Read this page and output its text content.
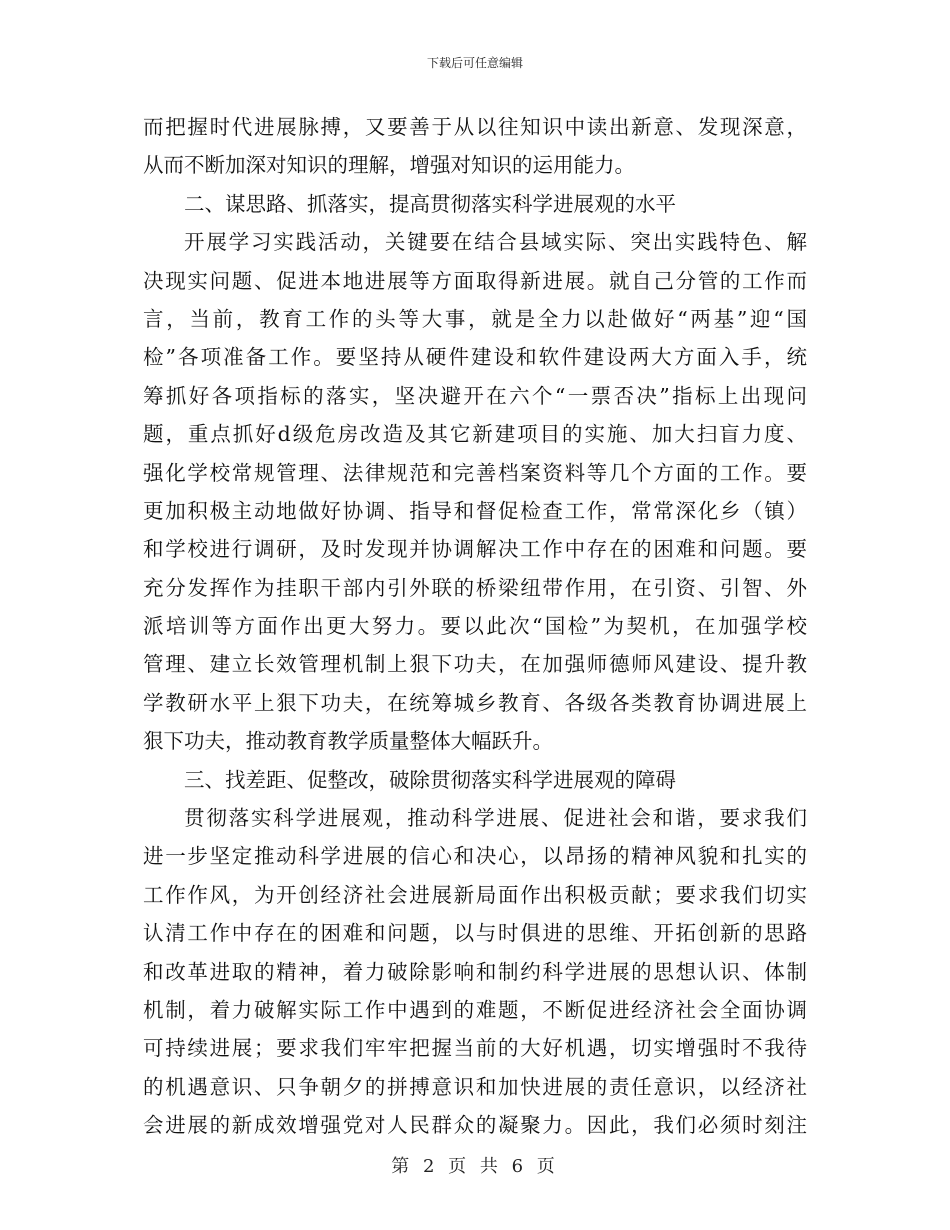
下载后可任意编辑
而把握时代进展脉搏，又要善于从以往知识中读出新意、发现深意，
从而不断加深对知识的理解，增强对知识的运用能力。
二、谋思路、抓落实，提高贯彻落实科学进展观的水平
开展学习实践活动，关键要在结合县域实际、突出实践特色、解
决现实问题、促进本地进展等方面取得新进展。就自己分管的工作而
言，当前，教育工作的头等大事，就是全力以赴做好“两基”迎“国
检”各项准备工作。要坚持从硬件建设和软件建设两大方面入手，统
筹抓好各项指标的落实，坚决避开在六个“一票否决”指标上出现问
题，重点抓好d级危房改造及其它新建项目的实施、加大扫盲力度、
强化学校常规管理、法律规范和完善档案资料等几个方面的工作。要
更加积极主动地做好协调、指导和督促检查工作，常常深化乡（镇）
和学校进行调研，及时发现并协调解决工作中存在的困难和问题。要
充分发挥作为挂职干部内引外联的桥梁纽带作用，在引资、引智、外
派培训等方面作出更大努力。要以此次“国检”为契机，在加强学校
管理、建立长效管理机制上狠下功夫，在加强师德师风建设、提升教
学教研水平上狠下功夫，在统筹城乡教育、各级各类教育协调进展上
狠下功夫，推动教育教学质量整体大幅跃升。
三、找差距、促整改，破除贯彻落实科学进展观的障碍
贯彻落实科学进展观，推动科学进展、促进社会和谐，要求我们
进一步坚定推动科学进展的信心和决心，以昂扬的精神风貌和扎实的
工作作风，为开创经济社会进展新局面作出积极贡献；要求我们切实
认清工作中存在的困难和问题，以与时俱进的思维、开拓创新的思路
和改革进取的精神，着力破除影响和制约科学进展的思想认识、体制
机制，着力破解实际工作中遇到的难题，不断促进经济社会全面协调
可持续进展；要求我们牢牢把握当前的大好机遇，切实增强时不我待
的机遇意识、只争朝夕的拼搏意识和加快进展的责任意识，以经济社
会进展的新成效增强党对人民群众的凝聚力。因此，我们必须时刻注
第 2 页 共 6 页
